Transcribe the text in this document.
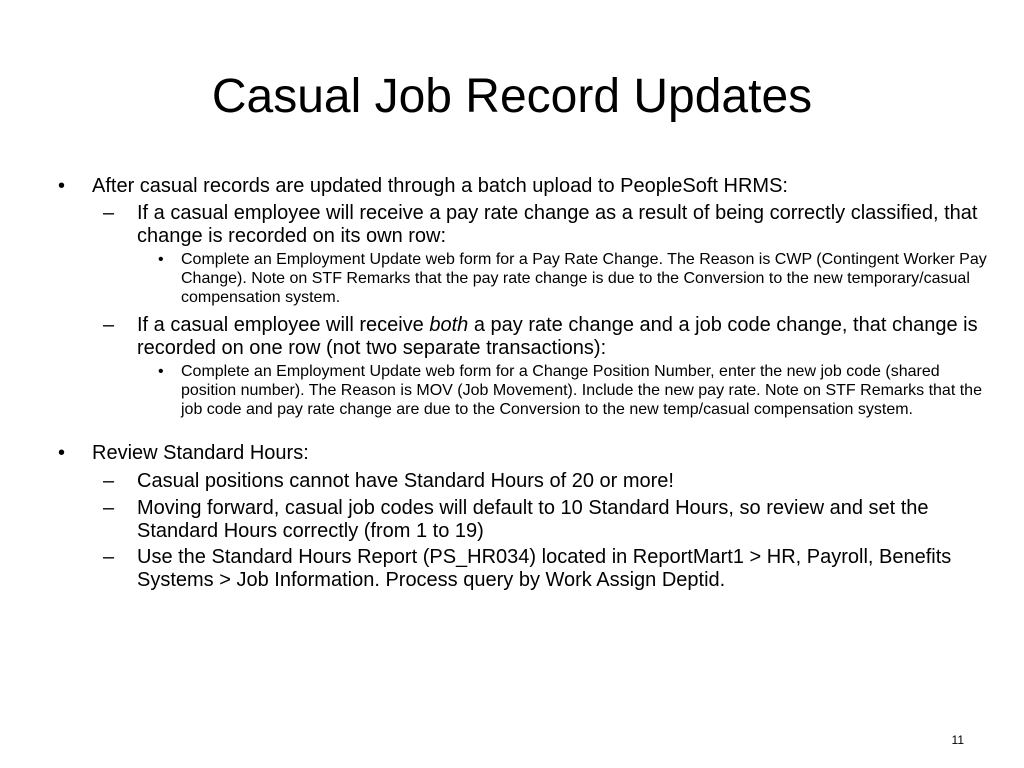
Casual Job Record Updates
• After casual records are updated through a batch upload to PeopleSoft HRMS:
– If a casual employee will receive a pay rate change as a result of being correctly classified, that change is recorded on its own row:
• Complete an Employment Update web form for a Pay Rate Change. The Reason is CWP (Contingent Worker Pay Change). Note on STF Remarks that the pay rate change is due to the Conversion to the new temporary/casual compensation system.
– If a casual employee will receive both a pay rate change and a job code change, that change is recorded on one row (not two separate transactions):
• Complete an Employment Update web form for a Change Position Number, enter the new job code (shared position number). The Reason is MOV (Job Movement). Include the new pay rate. Note on STF Remarks that the job code and pay rate change are due to the Conversion to the new temp/casual compensation system.
• Review Standard Hours:
– Casual positions cannot have Standard Hours of 20 or more!
– Moving forward, casual job codes will default to 10 Standard Hours, so review and set the Standard Hours correctly (from 1 to 19)
– Use the Standard Hours Report (PS_HR034) located in ReportMart1 > HR, Payroll, Benefits Systems > Job Information. Process query by Work Assign Deptid.
11
